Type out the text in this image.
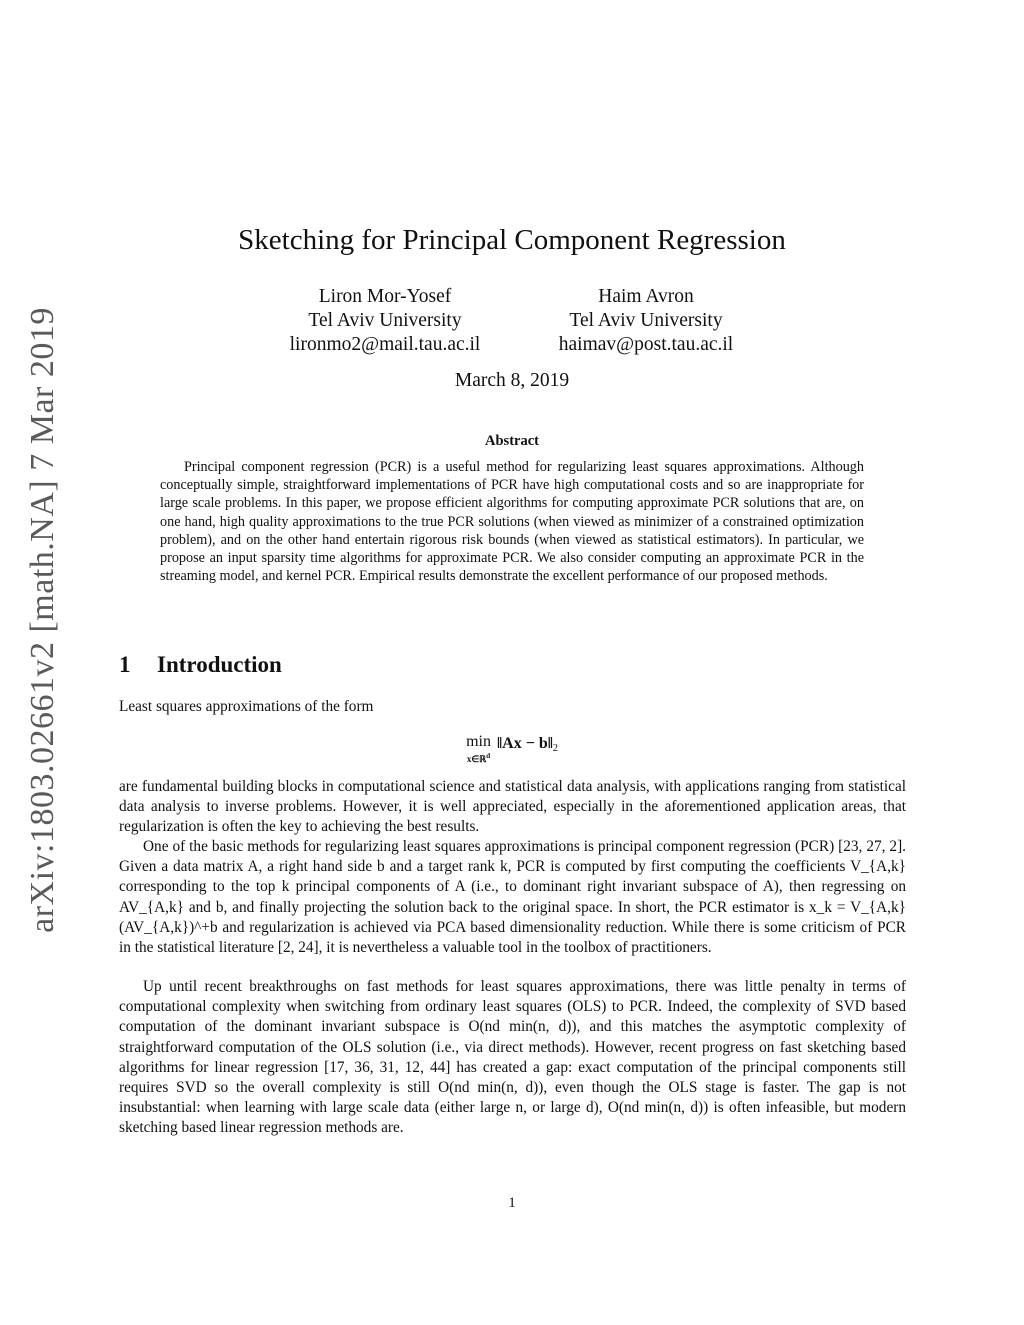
arXiv:1803.02661v2 [math.NA] 7 Mar 2019
Sketching for Principal Component Regression
Liron Mor-Yosef
Tel Aviv University
lironmo2@mail.tau.ac.il
Haim Avron
Tel Aviv University
haimav@post.tau.ac.il
March 8, 2019
Abstract
Principal component regression (PCR) is a useful method for regularizing least squares approximations. Although conceptually simple, straightforward implementations of PCR have high computational costs and so are inappropriate for large scale problems. In this paper, we propose efficient algorithms for computing approximate PCR solutions that are, on one hand, high quality approximations to the true PCR solutions (when viewed as minimizer of a constrained optimization problem), and on the other hand entertain rigorous risk bounds (when viewed as statistical estimators). In particular, we propose an input sparsity time algorithms for approximate PCR. We also consider computing an approximate PCR in the streaming model, and kernel PCR. Empirical results demonstrate the excellent performance of our proposed methods.
1 Introduction
Least squares approximations of the form
min
x∈ℝ$^d$
‖Ax − b‖2
are fundamental building blocks in computational science and statistical data analysis, with applications ranging from statistical data analysis to inverse problems. However, it is well appreciated, especially in the aforementioned application areas, that regularization is often the key to achieving the best results.
One of the basic methods for regularizing least squares approximations is principal component regression (PCR) [23, 27, 2]. Given a data matrix A, a right hand side b and a target rank k, PCR is computed by first computing the coefficients V_{A,k} corresponding to the top k principal components of A (i.e., to dominant right invariant subspace of A), then regressing on AV_{A,k} and b, and finally projecting the solution back to the original space. In short, the PCR estimator is x_k = V_{A,k}(AV_{A,k})^+b and regularization is achieved via PCA based dimensionality reduction. While there is some criticism of PCR in the statistical literature [2, 24], it is nevertheless a valuable tool in the toolbox of practitioners.
Up until recent breakthroughs on fast methods for least squares approximations, there was little penalty in terms of computational complexity when switching from ordinary least squares (OLS) to PCR. Indeed, the complexity of SVD based computation of the dominant invariant subspace is O(nd min(n, d)), and this matches the asymptotic complexity of straightforward computation of the OLS solution (i.e., via direct methods). However, recent progress on fast sketching based algorithms for linear regression [17, 36, 31, 12, 44] has created a gap: exact computation of the principal components still requires SVD so the overall complexity is still O(nd min(n, d)), even though the OLS stage is faster. The gap is not insubstantial: when learning with large scale data (either large n, or large d), O(nd min(n, d)) is often infeasible, but modern sketching based linear regression methods are.
1
